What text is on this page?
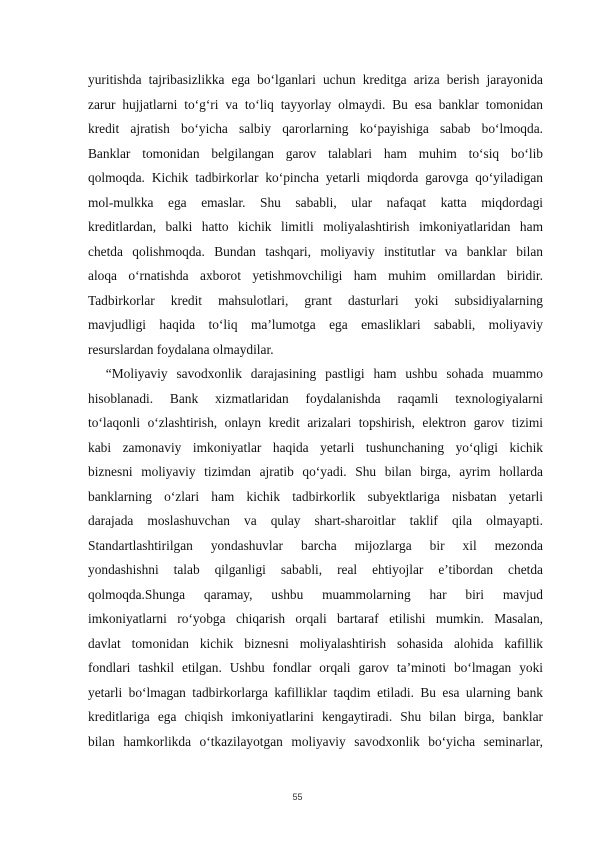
yuritishda tajribasizlikka ega bo‘lganlari uchun kreditga ariza berish jarayonida
zarur hujjatlarni to‘g‘ri va to‘liq tayyorlay olmaydi. Bu esa banklar tomonidan
kredit ajratish bo‘yicha salbiy qarorlarning ko‘payishiga sabab bo‘lmoqda.
Banklar tomonidan belgilangan garov talablari ham muhim to‘siq bo‘lib
qolmoqda. Kichik tadbirkorlar ko‘pincha yetarli miqdorda garovga qo‘yiladigan
mol-mulkka ega emaslar. Shu sababli, ular nafaqat katta miqdordagi
kreditlardan, balki hatto kichik limitli moliyalashtirish imkoniyatlaridan ham
chetda qolishmoqda. Bundan tashqari, moliyaviy institutlar va banklar bilan
aloqa o‘rnatishda axborot yetishmovchiligi ham muhim omillardan biridir.
Tadbirkorlar kredit mahsulotlari, grant dasturlari yoki subsidiyalarning
mavjudligi haqida to‘liq ma’lumotga ega emasliklari sababli, moliyaviy
resurslardan foydalana olmaydilar.
“Moliyaviy savodxonlik darajasining pastligi ham ushbu sohada muammo
hisoblanadi. Bank xizmatlaridan foydalanishda raqamli texnologiyalarni
to‘laqonli o‘zlashtirish, onlayn kredit arizalari topshirish, elektron garov tizimi
kabi zamonaviy imkoniyatlar haqida yetarli tushunchaning yo‘qligi kichik
biznesni moliyaviy tizimdan ajratib qo‘yadi. Shu bilan birga, ayrim hollarda
banklarning o‘zlari ham kichik tadbirkorlik subyektlariga nisbatan yetarli
darajada moslashuvchan va qulay shart-sharoitlar taklif qila olmayapti.
Standartlashtirilgan yondashuvlar barcha mijozlarga bir xil mezonda
yondashishni talab qilganligi sababli, real ehtiyojlar e’tibordan chetda
qolmoqda.Shunga qaramay, ushbu muammolarning har biri mavjud
imkoniyatlarni ro‘yobga chiqarish orqali bartaraf etilishi mumkin. Masalan,
davlat tomonidan kichik biznesni moliyalashtirish sohasida alohida kafillik
fondlari tashkil etilgan. Ushbu fondlar orqali garov ta’minoti bo‘lmagan yoki
yetarli bo‘lmagan tadbirkorlarga kafilliklar taqdim etiladi. Bu esa ularning bank
kreditlariga ega chiqish imkoniyatlarini kengaytiradi. Shu bilan birga, banklar
bilan hamkorlikda o‘tkazilayotgan moliyaviy savodxonlik bo‘yicha seminarlar,
55
